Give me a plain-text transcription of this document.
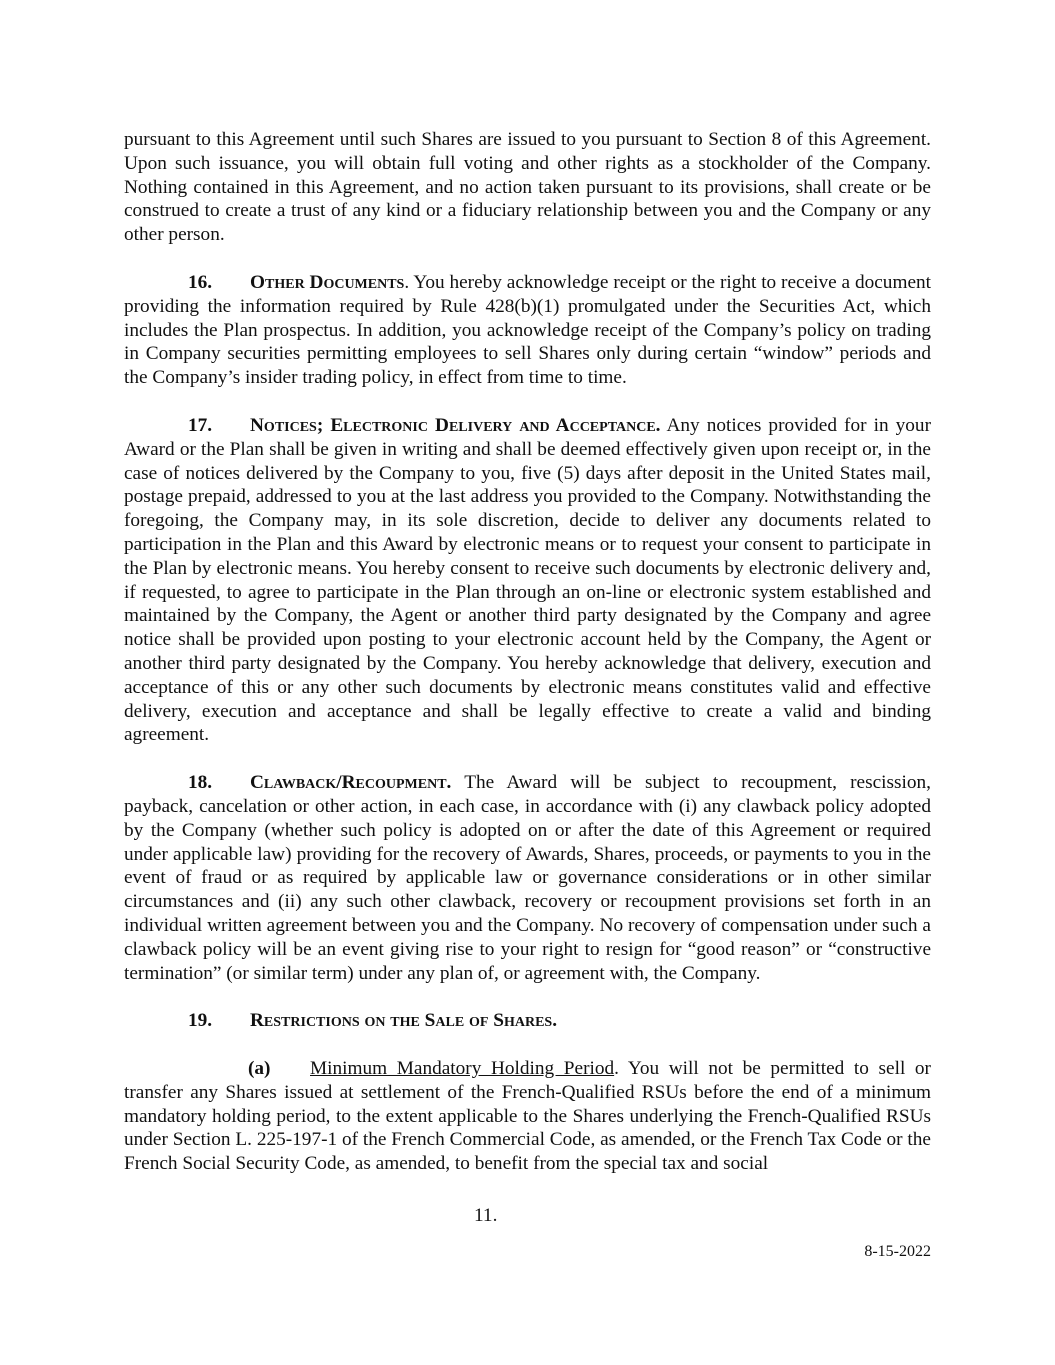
pursuant to this Agreement until such Shares are issued to you pursuant to Section 8 of this Agreement. Upon such issuance, you will obtain full voting and other rights as a stockholder of the Company. Nothing contained in this Agreement, and no action taken pursuant to its provisions, shall create or be construed to create a trust of any kind or a fiduciary relationship between you and the Company or any other person.

16. Other Documents. You hereby acknowledge receipt or the right to receive a document providing the information required by Rule 428(b)(1) promulgated under the Securities Act, which includes the Plan prospectus. In addition, you acknowledge receipt of the Company’s policy on trading in Company securities permitting employees to sell Shares only during certain “window” periods and the Company’s insider trading policy, in effect from time to time.

17. Notices; Electronic Delivery and Acceptance. Any notices provided for in your Award or the Plan shall be given in writing and shall be deemed effectively given upon receipt or, in the case of notices delivered by the Company to you, five (5) days after deposit in the United States mail, postage prepaid, addressed to you at the last address you provided to the Company. Notwithstanding the foregoing, the Company may, in its sole discretion, decide to deliver any documents related to participation in the Plan and this Award by electronic means or to request your consent to participate in the Plan by electronic means. You hereby consent to receive such documents by electronic delivery and, if requested, to agree to participate in the Plan through an on-line or electronic system established and maintained by the Company, the Agent or another third party designated by the Company and agree notice shall be provided upon posting to your electronic account held by the Company, the Agent or another third party designated by the Company. You hereby acknowledge that delivery, execution and acceptance of this or any other such documents by electronic means constitutes valid and effective delivery, execution and acceptance and shall be legally effective to create a valid and binding agreement.

18. Clawback/Recoupment. The Award will be subject to recoupment, rescission, payback, cancelation or other action, in each case, in accordance with (i) any clawback policy adopted by the Company (whether such policy is adopted on or after the date of this Agreement or required under applicable law) providing for the recovery of Awards, Shares, proceeds, or payments to you in the event of fraud or as required by applicable law or governance considerations or in other similar circumstances and (ii) any such other clawback, recovery or recoupment provisions set forth in an individual written agreement between you and the Company. No recovery of compensation under such a clawback policy will be an event giving rise to your right to resign for “good reason” or “constructive termination” (or similar term) under any plan of, or agreement with, the Company.

19. Restrictions on the Sale of Shares.

(a) Minimum Mandatory Holding Period. You will not be permitted to sell or transfer any Shares issued at settlement of the French-Qualified RSUs before the end of a minimum mandatory holding period, to the extent applicable to the Shares underlying the French-Qualified RSUs under Section L. 225-197-1 of the French Commercial Code, as amended, or the French Tax Code or the French Social Security Code, as amended, to benefit from the special tax and social

11.
8-15-2022
